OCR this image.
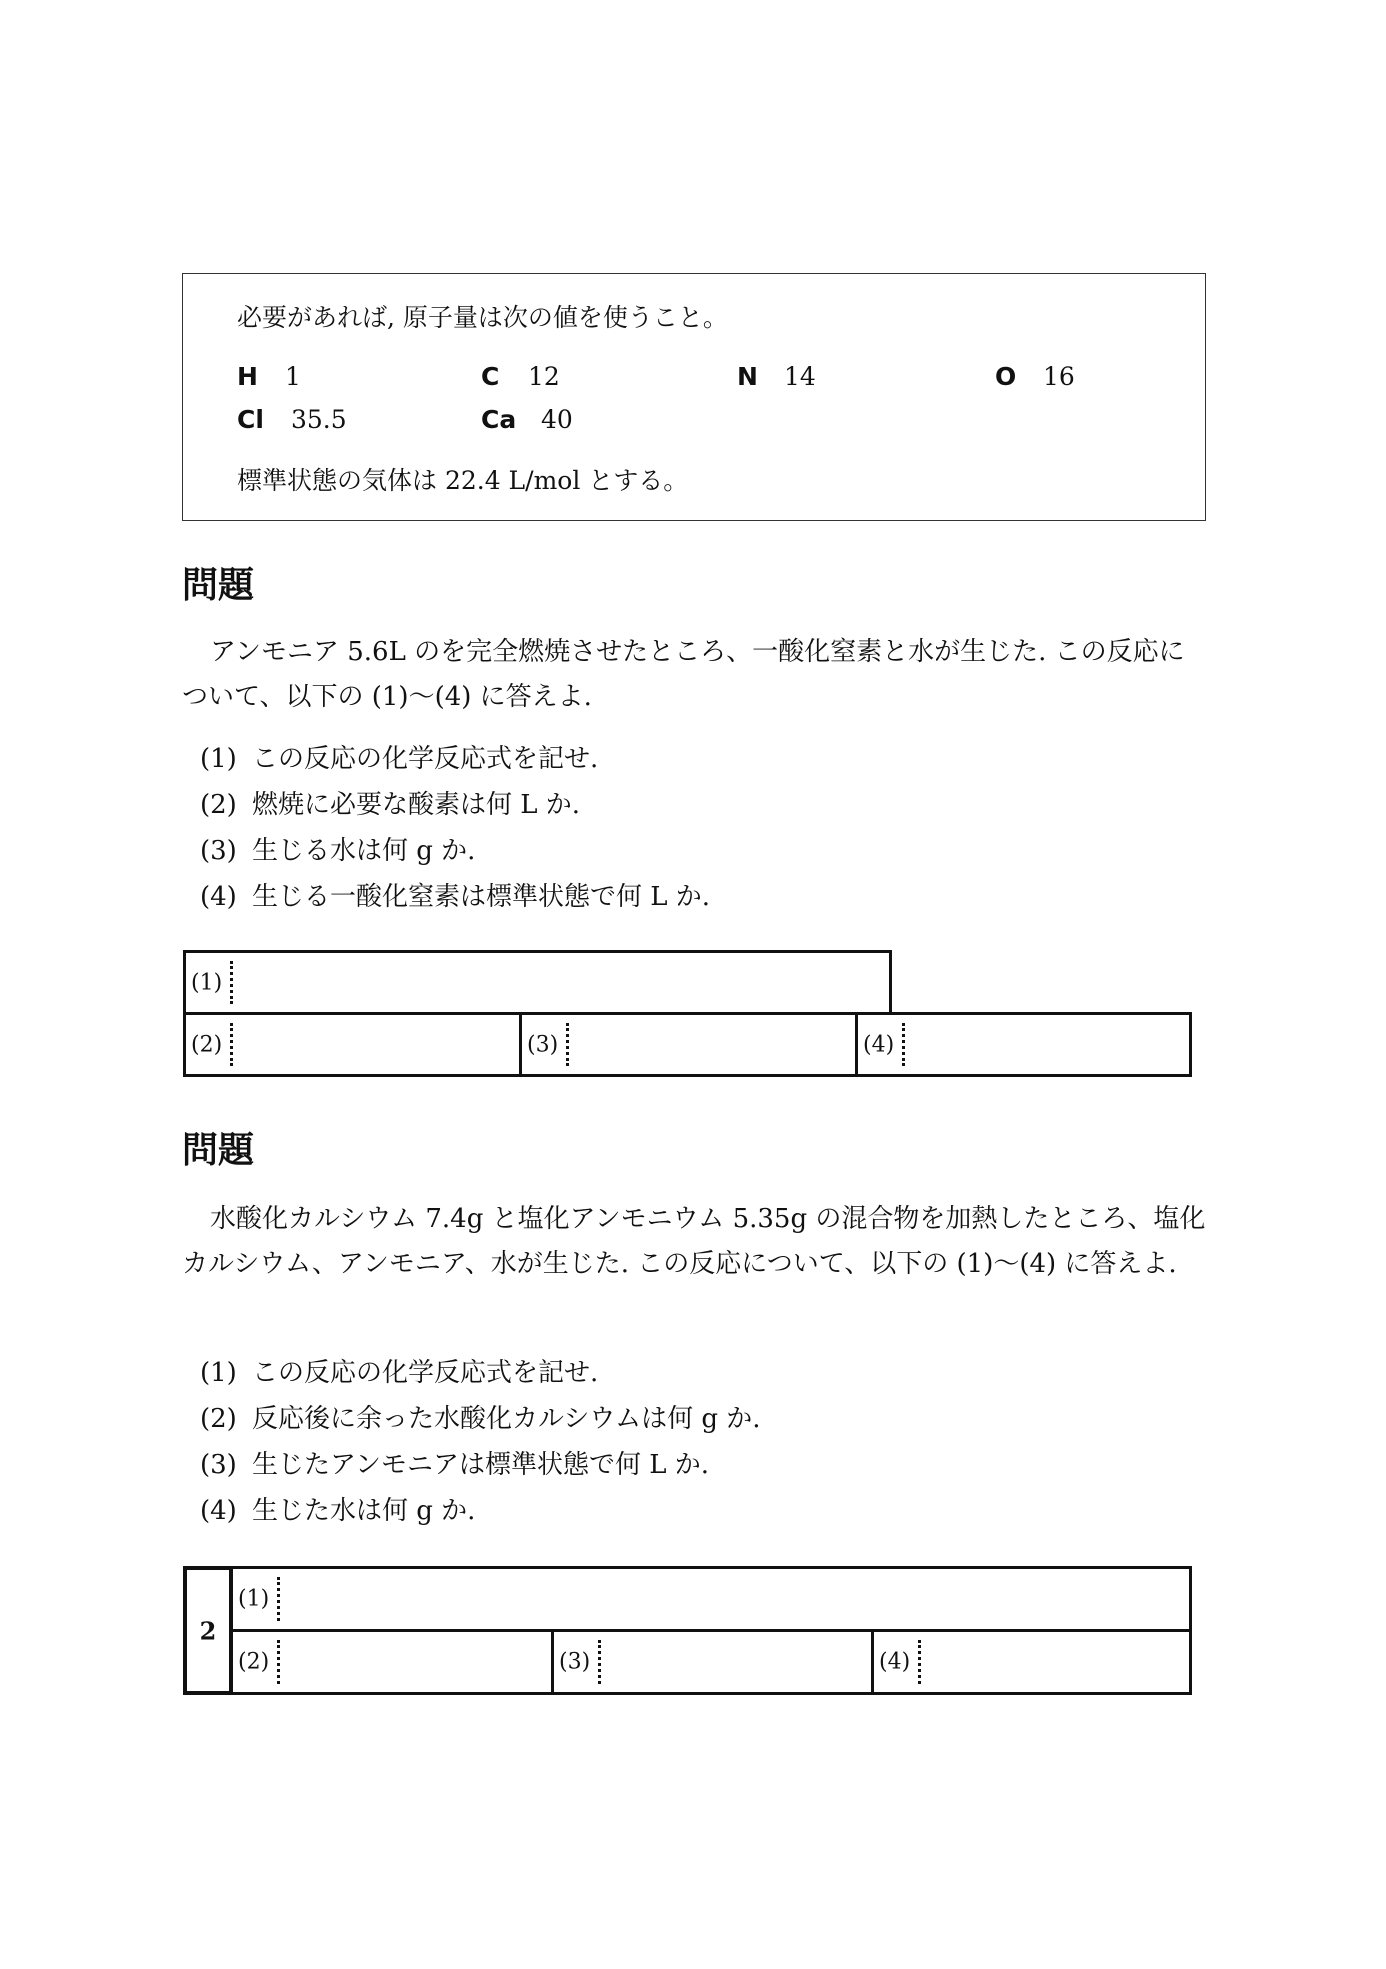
必要があれば, 原子量は次の値を使うこと。
H 1	C 12	N 14	O 16
Cl 35.5	Ca 40
標準状態の気体は 22.4 L/mol とする。
問題
アンモニア 5.6L のを完全燃焼させたところ、一酸化窒素と水が生じた. この反応について、以下の (1)〜(4) に答えよ.
(1) この反応の化学反応式を記せ.
(2) 燃焼に必要な酸素は何 L か.
(3) 生じる水は何 g か.
(4) 生じる一酸化窒素は標準状態で何 L か.
(1)
(2)	(3)	(4)
問題
水酸化カルシウム 7.4g と塩化アンモニウム 5.35g の混合物を加熱したところ、塩化カルシウム、アンモニア、水が生じた. この反応について、以下の (1)〜(4) に答えよ.
(1) この反応の化学反応式を記せ.
(2) 反応後に余った水酸化カルシウムは何 g か.
(3) 生じたアンモニアは標準状態で何 L か.
(4) 生じた水は何 g か.
2
(1)
(2)	(3)	(4)
